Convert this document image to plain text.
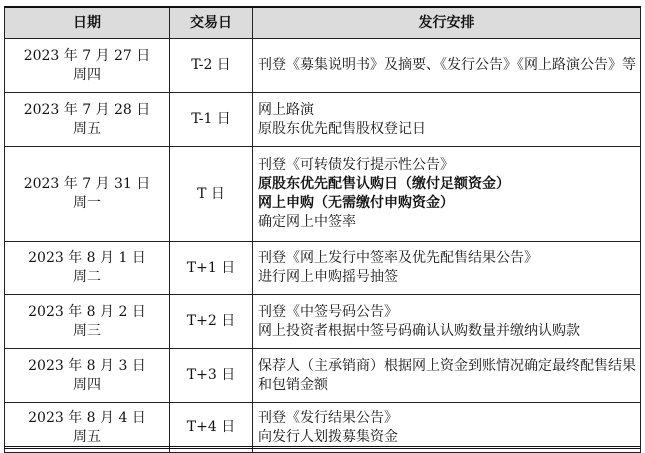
日期	交易日	发行安排

2023 年 7 月 27 日
周四	T-2 日	刊登《募集说明书》及摘要、《发行公告》《网上路演公告》等

2023 年 7 月 28 日
周五	T-1 日	网上路演
原股东优先配售股权登记日

2023 年 7 月 31 日
周一	T 日	刊登《可转债发行提示性公告》
原股东优先配售认购日（缴付足额资金）
网上申购（无需缴付申购资金）
确定网上中签率

2023 年 8 月 1 日
周二	T+1 日	刊登《网上发行中签率及优先配售结果公告》
进行网上申购摇号抽签

2023 年 8 月 2 日
周三	T+2 日	刊登《中签号码公告》
网上投资者根据中签号码确认认购数量并缴纳认购款

2023 年 8 月 3 日
周四	T+3 日	保荐人（主承销商）根据网上资金到账情况确定最终配售结果和包销金额

2023 年 8 月 4 日
周五	T+4 日	刊登《发行结果公告》
向发行人划拨募集资金
